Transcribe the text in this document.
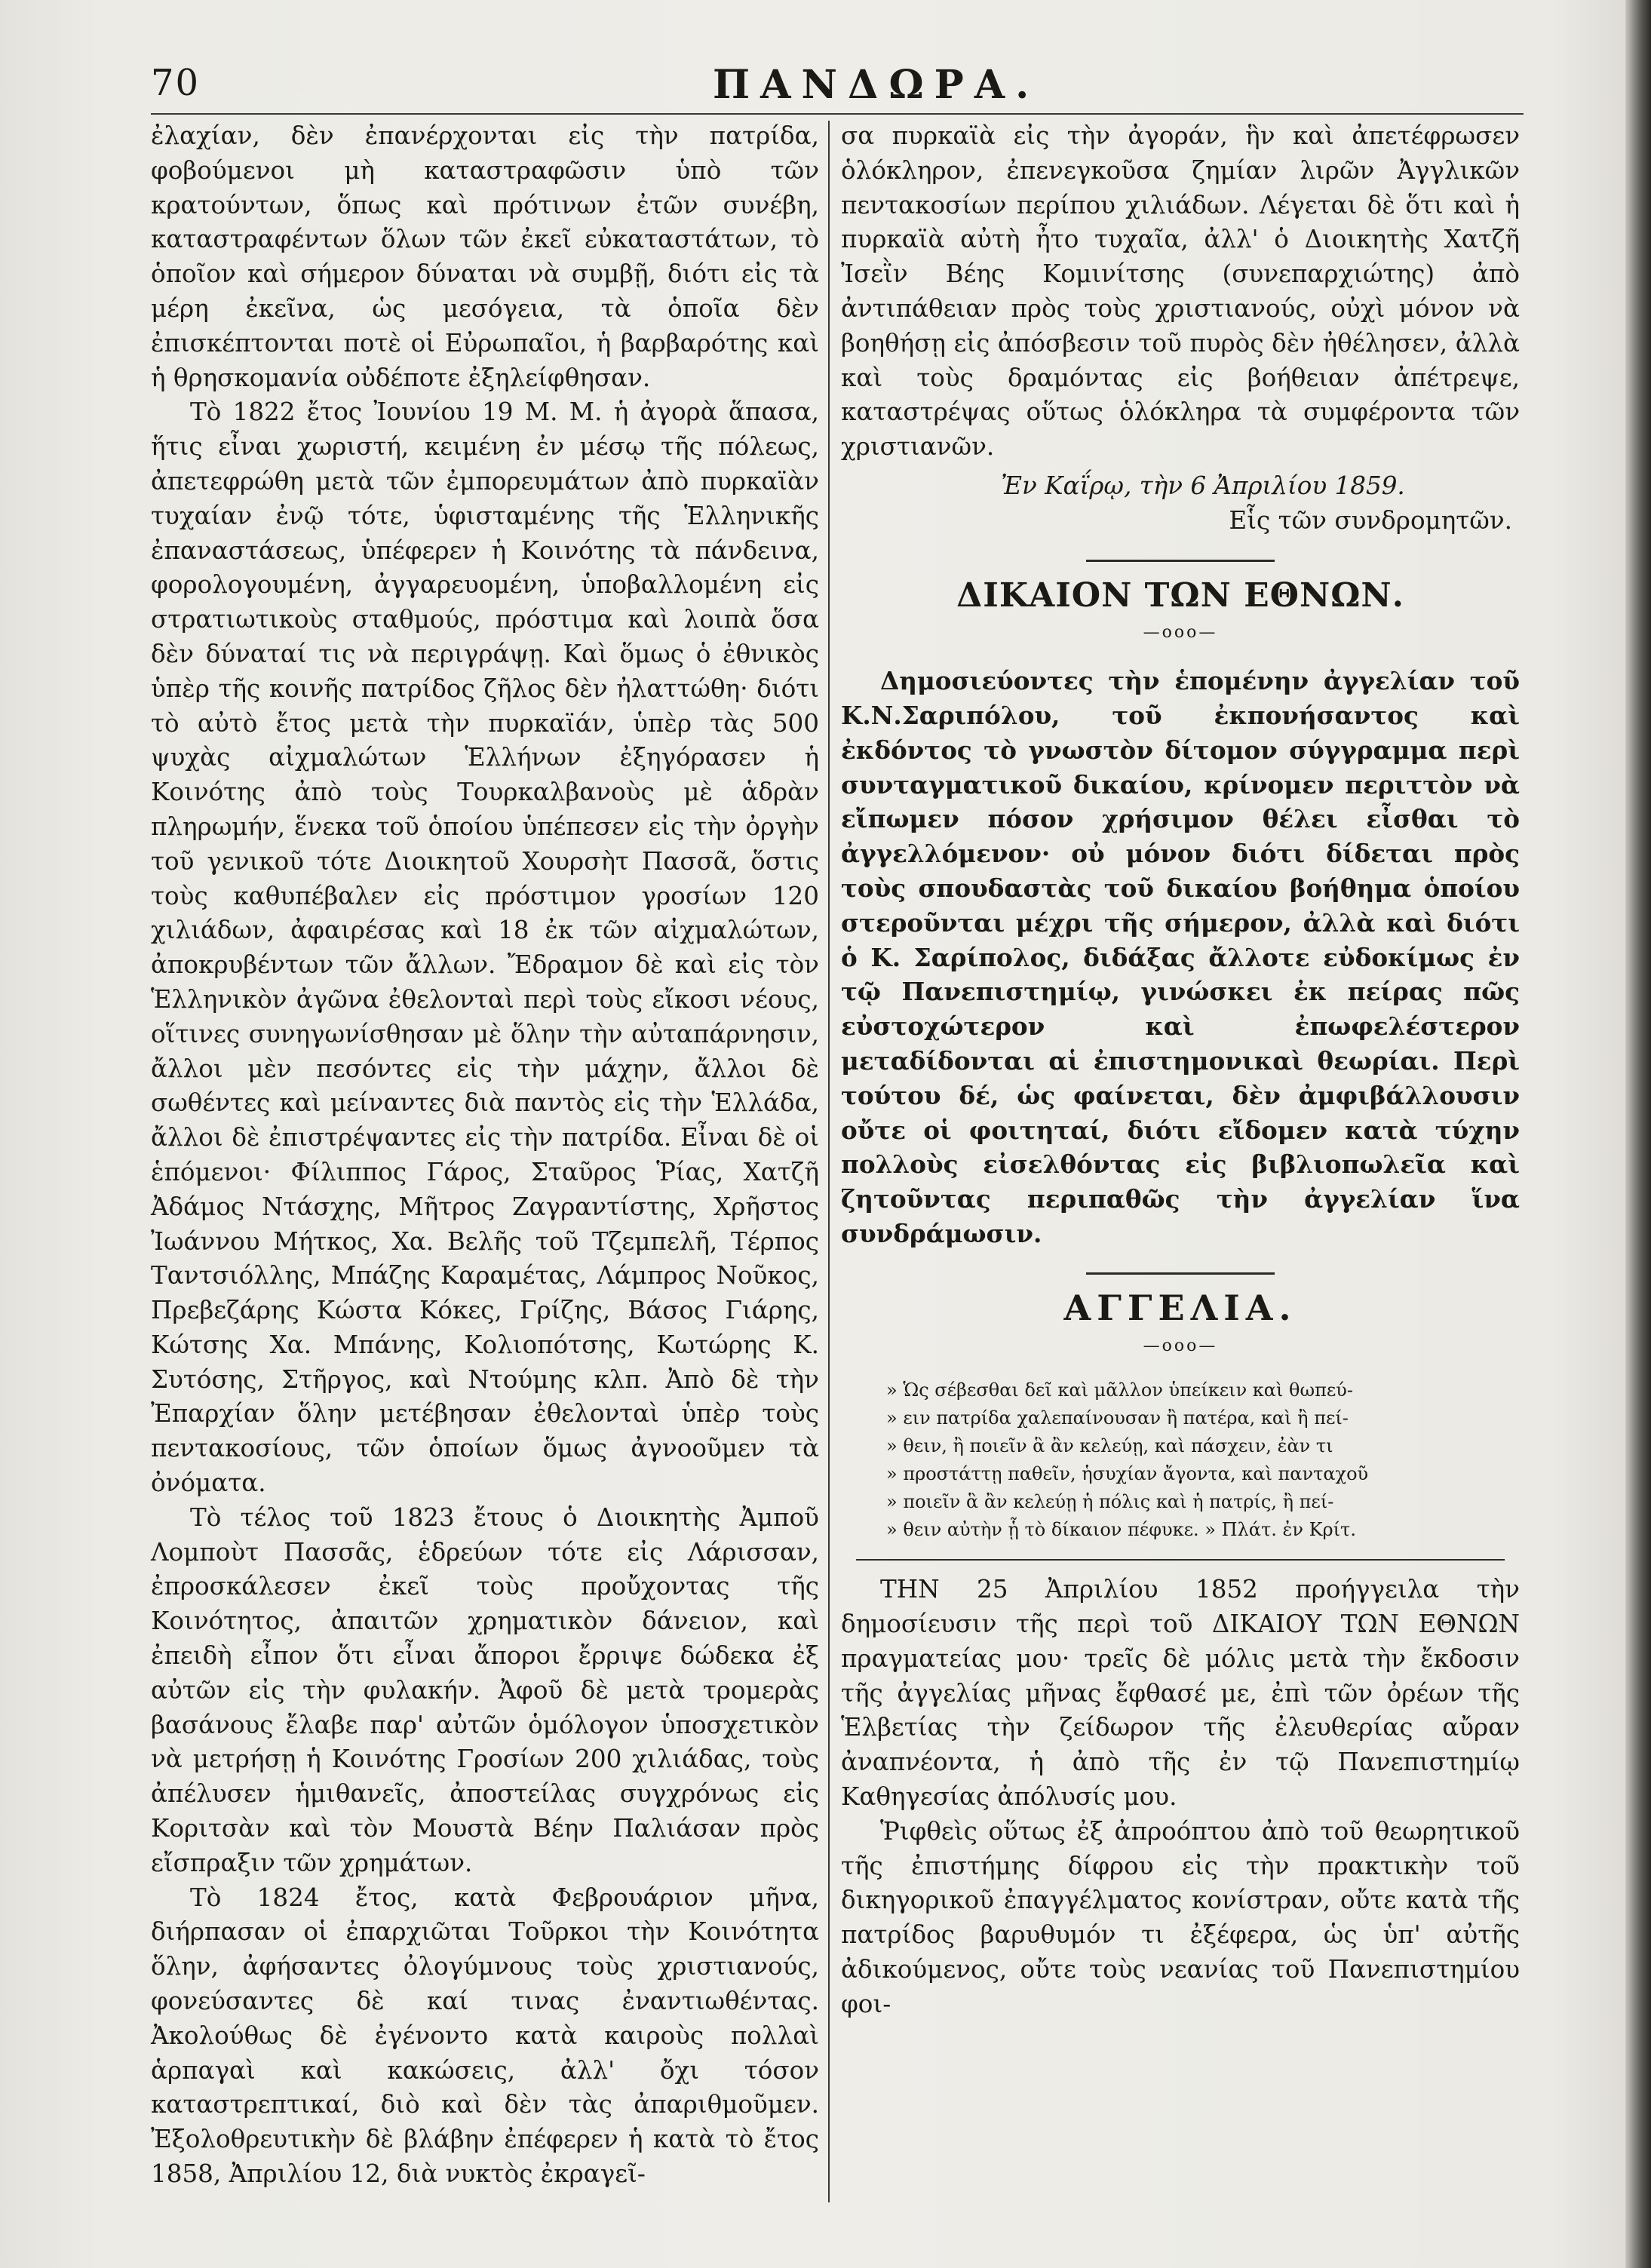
70	ΠΑΝΔΩΡΑ.

ἐλαχίαν, δὲν ἐπανέρχονται εἰς τὴν πατρίδα, φοβούμενοι μὴ καταστραφῶσιν ὑπὸ τῶν κρατούντων, ὅπως καὶ πρότινων ἐτῶν συνέβη, καταστραφέντων ὅλων τῶν ἐκεῖ εὐκαταστάτων, τὸ ὁποῖον καὶ σήμερον δύναται νὰ συμβῇ, διότι εἰς τὰ μέρη ἐκεῖνα, ὡς μεσόγεια, τὰ ὁποῖα δὲν ἐπισκέπτονται ποτὲ οἱ Εὐρωπαῖοι, ἡ βαρβαρότης καὶ ἡ θρησκομανία οὐδέποτε ἐξηλείφθησαν.

Τὸ 1822 ἔτος Ἰουνίου 19 Μ. Μ. ἡ ἀγορὰ ἅπασα, ἥτις εἶναι χωριστή, κειμένη ἐν μέσῳ τῆς πόλεως, ἀπετεφρώθη μετὰ τῶν ἐμπορευμάτων ἀπὸ πυρκαϊὰν τυχαίαν ἐνῷ τότε, ὑφισταμένης τῆς Ἑλληνικῆς ἐπαναστάσεως, ὑπέφερεν ἡ Κοινότης τὰ πάνδεινα, φορολογουμένη, ἀγγαρευομένη, ὑποβαλλομένη εἰς στρατιωτικοὺς σταθμούς, πρόστιμα καὶ λοιπὰ ὅσα δὲν δύναταί τις νὰ περιγράψῃ. Καὶ ὅμως ὁ ἐθνικὸς ὑπὲρ τῆς κοινῆς πατρίδος ζῆλος δὲν ἠλαττώθη· διότι τὸ αὐτὸ ἔτος μετὰ τὴν πυρκαϊάν, ὑπὲρ τὰς 500 ψυχὰς αἰχμαλώτων Ἑλλήνων ἐξηγόρασεν ἡ Κοινότης ἀπὸ τοὺς Τουρκαλβανοὺς μὲ ἁδρὰν πληρωμήν, ἕνεκα τοῦ ὁποίου ὑπέπεσεν εἰς τὴν ὀργὴν τοῦ γενικοῦ τότε Διοικητοῦ Χουρσὴτ Πασσᾶ, ὅστις τοὺς καθυπέβαλεν εἰς πρόστιμον γροσίων 120 χιλιάδων, ἀφαιρέσας καὶ 18 ἐκ τῶν αἰχμαλώτων, ἀποκρυβέντων τῶν ἄλλων. Ἔδραμον δὲ καὶ εἰς τὸν Ἑλληνικὸν ἀγῶνα ἐθελονταὶ περὶ τοὺς εἴκοσι νέους, οἵτινες συνηγωνίσθησαν μὲ ὅλην τὴν αὐταπάρνησιν, ἄλλοι μὲν πεσόντες εἰς τὴν μάχην, ἄλλοι δὲ σωθέντες καὶ μείναντες διὰ παντὸς εἰς τὴν Ἑλλάδα, ἄλλοι δὲ ἐπιστρέψαντες εἰς τὴν πατρίδα. Εἶναι δὲ οἱ ἑπόμενοι· Φίλιππος Γάρος, Σταῦρος Ῥίας, Χατζῆ Ἀδάμος Ντάσχης, Μῆτρος Ζαγραντίστης, Χρῆστος Ἰωάννου Μήτκος, Χα. Βελῆς τοῦ Τζεμπελῆ, Τέρπος Ταντσιόλλης, Μπάζης Καραμέτας, Λάμπρος Νοῦκος, Πρεβεζάρης Κώστα Κόκες, Γρίζης, Βάσος Γιάρης, Κώτσης Χα. Μπάνης, Κολιοπότσης, Κωτώρης Κ. Συτόσης, Στῆργος, καὶ Ντούμης κλπ. Ἀπὸ δὲ τὴν Ἐπαρχίαν ὅλην μετέβησαν ἐθελονταὶ ὑπὲρ τοὺς πεντακοσίους, τῶν ὁποίων ὅμως ἀγνοοῦμεν τὰ ὀνόματα.

Τὸ τέλος τοῦ 1823 ἔτους ὁ Διοικητὴς Ἀμποῦ Λομποὺτ Πασσᾶς, ἑδρεύων τότε εἰς Λάρισσαν, ἐπροσκάλεσεν ἐκεῖ τοὺς προὔχοντας τῆς Κοινότητος, ἀπαιτῶν χρηματικὸν δάνειον, καὶ ἐπειδὴ εἶπον ὅτι εἶναι ἄποροι ἔρριψε δώδεκα ἐξ αὐτῶν εἰς τὴν φυλακήν. Ἀφοῦ δὲ μετὰ τρομερὰς βασάνους ἔλαβε παρ' αὐτῶν ὁμόλογον ὑποσχετικὸν νὰ μετρήσῃ ἡ Κοινότης Γροσίων 200 χιλιάδας, τοὺς ἀπέλυσεν ἡμιθανεῖς, ἀποστείλας συγχρόνως εἰς Κοριτσὰν καὶ τὸν Μουστὰ Βέην Παλιάσαν πρὸς εἴσπραξιν τῶν χρημάτων.

Τὸ 1824 ἔτος, κατὰ Φεβρουάριον μῆνα, διήρπασαν οἱ ἐπαρχιῶται Τοῦρκοι τὴν Κοινότητα ὅλην, ἀφήσαντες ὀλογύμνους τοὺς χριστιανούς, φονεύσαντες δὲ καί τινας ἐναντιωθέντας. Ἀκολούθως δὲ ἐγένοντο κατὰ καιροὺς πολλαὶ ἁρπαγαὶ καὶ κακώσεις, ἀλλ' ὄχι τόσον καταστρεπτικαί, διὸ καὶ δὲν τὰς ἀπαριθμοῦμεν. Ἐξολοθρευτικὴν δὲ βλάβην ἐπέφερεν ἡ κατὰ τὸ ἔτος 1858, Ἀπριλίου 12, διὰ νυκτὸς ἐκραγεῖ-

σα πυρκαϊὰ εἰς τὴν ἀγοράν, ἣν καὶ ἀπετέφρωσεν ὁλόκληρον, ἐπενεγκοῦσα ζημίαν λιρῶν Ἀγγλικῶν πεντακοσίων περίπου χιλιάδων. Λέγεται δὲ ὅτι καὶ ἡ πυρκαϊὰ αὐτὴ ἦτο τυχαῖα, ἀλλ' ὁ Διοικητὴς Χατζῆ Ἰσεῒν Βέης Κομινίτσης (συνεπαρχιώτης) ἀπὸ ἀντιπάθειαν πρὸς τοὺς χριστιανούς, οὐχὶ μόνον νὰ βοηθήσῃ εἰς ἀπόσβεσιν τοῦ πυρὸς δὲν ἠθέλησεν, ἀλλὰ καὶ τοὺς δραμόντας εἰς βοήθειαν ἀπέτρεψε, καταστρέψας οὕτως ὁλόκληρα τὰ συμφέροντα τῶν χριστιανῶν.

Ἐν Καΐρῳ, τὴν 6 Ἀπριλίου 1859.
Εἷς τῶν συνδρομητῶν.
ΔΙΚΑΙΟΝ ΤΩΝ ΕΘΝΩΝ.
—ooo—

Δημοσιεύοντες τὴν ἑπομένην ἀγγελίαν τοῦ Κ.Ν.Σαριπόλου, τοῦ ἐκπονήσαντος καὶ ἐκδόντος τὸ γνωστὸν δίτομον σύγγραμμα περὶ συνταγματικοῦ δικαίου, κρίνομεν περιττὸν νὰ εἴπωμεν πόσον χρήσιμον θέλει εἶσθαι τὸ ἀγγελλόμενον· οὐ μόνον διότι δίδεται πρὸς τοὺς σπουδαστὰς τοῦ δικαίου βοήθημα ὁποίου στεροῦνται μέχρι τῆς σήμερον, ἀλλὰ καὶ διότι ὁ Κ. Σαρίπολος, διδάξας ἄλλοτε εὐδοκίμως ἐν τῷ Πανεπιστημίῳ, γινώσκει ἐκ πείρας πῶς εὐστοχώτερον καὶ ἐπωφελέστερον μεταδίδονται αἱ ἐπιστημονικαὶ θεωρίαι. Περὶ τούτου δέ, ὡς φαίνεται, δὲν ἀμφιβάλλουσιν οὔτε οἱ φοιτηταί, διότι εἴδομεν κατὰ τύχην πολλοὺς εἰσελθόντας εἰς βιβλιοπωλεῖα καὶ ζητοῦντας περιπαθῶς τὴν ἀγγελίαν ἵνα συνδράμωσιν.

ΑΓΓΕΛΙΑ.
—ooo—
» Ὡς σέβεσθαι δεῖ καὶ μᾶλλον ὑπείκειν καὶ θωπεύ-
» ειν πατρίδα χαλεπαίνουσαν ἢ πατέρα, καὶ ἢ πεί-
» θειν, ἢ ποιεῖν ἃ ἂν κελεύῃ, καὶ πάσχειν, ἐὰν τι
» προστάττῃ παθεῖν, ἡσυχίαν ἄγοντα, καὶ πανταχοῦ
» ποιεῖν ἃ ἂν κελεύῃ ἡ πόλις καὶ ἡ πατρίς, ἢ πεί-
» θειν αὐτὴν ᾗ τὸ δίκαιον πέφυκε. » Πλάτ. ἐν Κρίτ.

ΤΗΝ 25 Ἀπριλίου 1852 προήγγειλα τὴν δημοσίευσιν τῆς περὶ τοῦ ΔΙΚΑΙΟΥ ΤΩΝ ΕΘΝΩΝ πραγματείας μου· τρεῖς δὲ μόλις μετὰ τὴν ἔκδοσιν τῆς ἀγγελίας μῆνας ἔφθασέ με, ἐπὶ τῶν ὀρέων τῆς Ἑλβετίας τὴν ζείδωρον τῆς ἐλευθερίας αὔραν ἀναπνέοντα, ἡ ἀπὸ τῆς ἐν τῷ Πανεπιστημίῳ Καθηγεσίας ἀπόλυσίς μου.

Ῥιφθεὶς οὕτως ἐξ ἀπροόπτου ἀπὸ τοῦ θεωρητικοῦ τῆς ἐπιστήμης δίφρου εἰς τὴν πρακτικὴν τοῦ δικηγορικοῦ ἐπαγγέλματος κονίστραν, οὔτε κατὰ τῆς πατρίδος βαρυθυμόν τι ἐξέφερα, ὡς ὑπ' αὐτῆς ἀδικούμενος, οὔτε τοὺς νεανίας τοῦ Πανεπιστημίου φοι-
